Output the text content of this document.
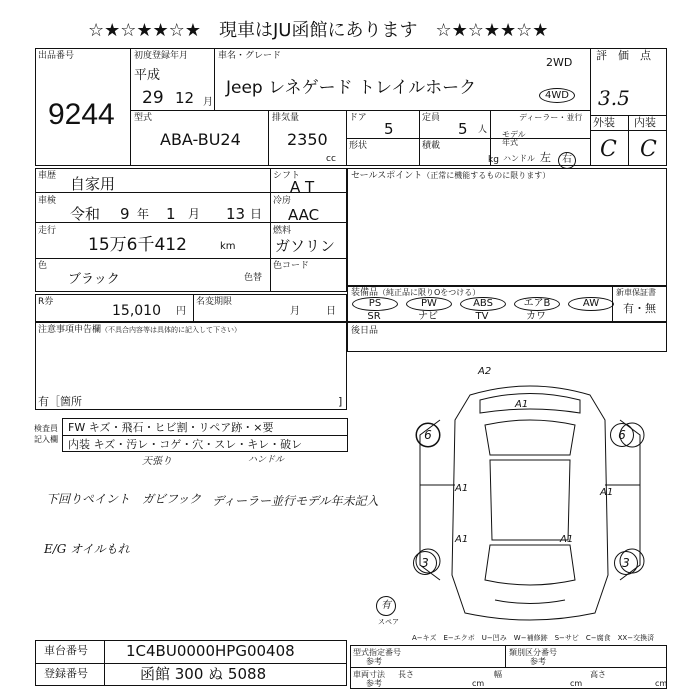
☆★☆★★☆★　現車はJU函館にあります　☆★☆★★☆★
出品番号
9244
初度登録年月
平成
29 12 月
車名・グレード
Jeep レネゲード トレイルホーク
2WD
4WD
評　価　点
3.5
外装 内装
C C
型式
ABA-BU24
排気量
2350
cc
ドア
5
形状
定員
5 人
積載
kg
ディーラー・並行
モデル
年式
ハンドル 左	右
車歴 自家用
車検
令和 9 年 1 月 13 日
走行
15万6千412	km
シフト
A T
冷房
AAC
燃料
ガソリン
色
ブラック	色替
色コード
セールスポイント（正常に機能するものに限ります）
R券
15,010 円
名変期限
月	日
注意事項申告欄（不具合内容等は具体的に記入して下さい）
有［箇所	]
装備品（純正品に限りOをつける）
PS	PW	ABS	エアB	AW
SR	ナビ	TV	カワ
新車保証書
有・無
後日品
検査員
記入欄
FW キズ・飛石・ヒビ割・リペア跡・×要
内装 キズ・汚レ・コゲ・穴・スレ・キレ・破レ
天張り	ハンドル
下回りペイント　ガビフック ディーラー並行モデル年未記入
E/G オイルもれ
A2
A1
6	6
A1	A1
A1	A1
3	3
有
スペア
A−キズ　E−エクボ　U−凹み　W−補修跡　S−サビ　C−腐食　XX−交換済
車台番号	1C4BU0000HPG00408
登録番号	函館 300 ぬ 5088
型式指定番号
参考
類別区分番号
参考
車両寸法
参考
長さ
cm
幅
cm
高さ
cm
